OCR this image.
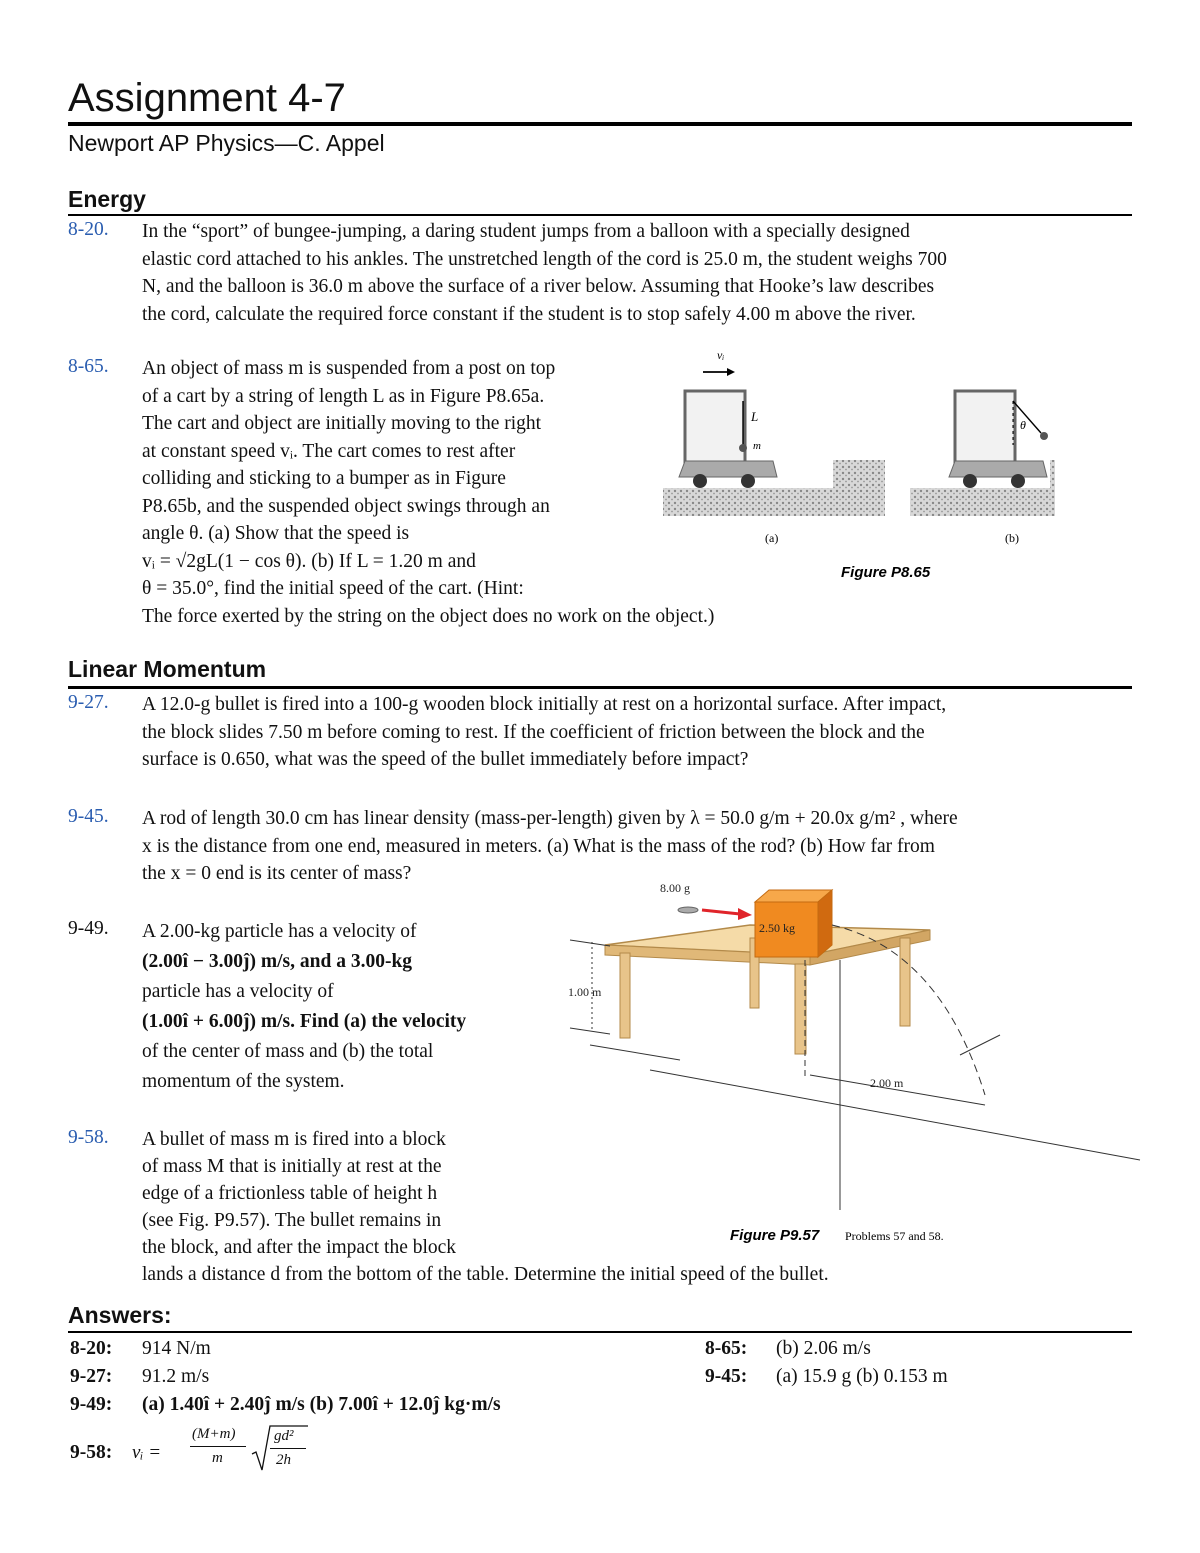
Assignment 4-7
Newport AP Physics—C. Appel
Energy
8-20. In the “sport” of bungee-jumping, a daring student jumps from a balloon with a specially designed
elastic cord attached to his ankles. The unstretched length of the cord is 25.0 m, the student weighs 700
N, and the balloon is 36.0 m above the surface of a river below. Assuming that Hooke’s law describes
the cord, calculate the required force constant if the student is to stop safely 4.00 m above the river.
8-65. An object of mass m is suspended from a post on top
of a cart by a string of length L as in Figure P8.65a.
The cart and object are initially moving to the right
at constant speed vᵢ. The cart comes to rest after
colliding and sticking to a bumper as in Figure
P8.65b, and the suspended object swings through an
angle θ. (a) Show that the speed is
vᵢ = √2gL(1 − cos θ). (b) If L = 1.20 m and
θ = 35.0°, find the initial speed of the cart. (Hint:
The force exerted by the string on the object does no work on the object.)
vᵢ
L
m
(a)
θ
(b)
Figure P8.65
Linear Momentum
9-27. A 12.0-g bullet is fired into a 100-g wooden block initially at rest on a horizontal surface. After impact,
the block slides 7.50 m before coming to rest. If the coefficient of friction between the block and the
surface is 0.650, what was the speed of the bullet immediately before impact?
9-45. A rod of length 30.0 cm has linear density (mass-per-length) given by λ = 50.0 g/m + 20.0x g/m² , where
x is the distance from one end, measured in meters. (a) What is the mass of the rod? (b) How far from
the x = 0 end is its center of mass?
9-49. A 2.00-kg particle has a velocity of
(2.00î − 3.00ĵ) m/s, and a 3.00-kg
particle has a velocity of
(1.00î + 6.00ĵ) m/s. Find (a) the velocity
of the center of mass and (b) the total
momentum of the system.
9-58. A bullet of mass m is fired into a block
of mass M that is initially at rest at the
edge of a frictionless table of height h
(see Fig. P9.57). The bullet remains in
the block, and after the impact the block
lands a distance d from the bottom of the table. Determine the initial speed of the bullet.
2.50 kg
8.00 g
1.00 m
2.00 m
Figure P9.57 Problems 57 and 58.
Answers:
8-20: 914 N/m	8-65: (b) 2.06 m/s
9-27: 91.2 m/s	9-45: (a) 15.9 g (b) 0.153 m
9-49: (a) 1.40î + 2.40ĵ m/s (b) 7.00î + 12.0ĵ kg·m/s
9-58: vᵢ =
(M+m)
m
gd²
2h
